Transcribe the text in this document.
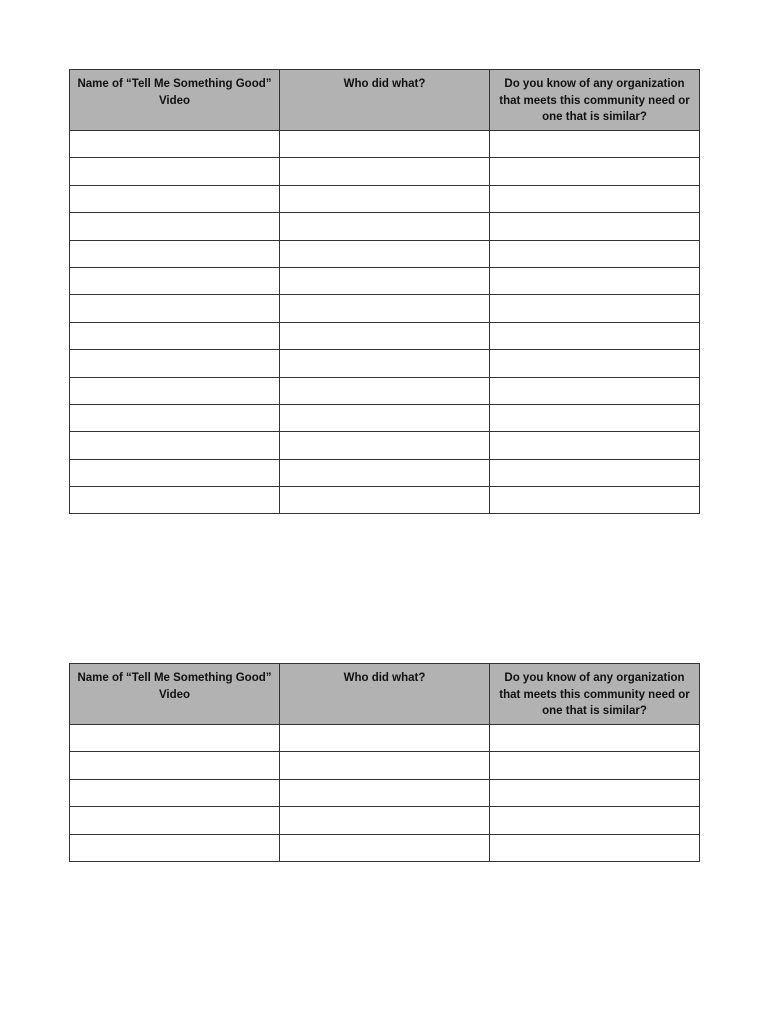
Name of “Tell Me Something Good” Video	Who did what?	Do you know of any organization that meets this community need or one that is similar?

Name of “Tell Me Something Good” Video	Who did what?	Do you know of any organization that meets this community need or one that is similar?
